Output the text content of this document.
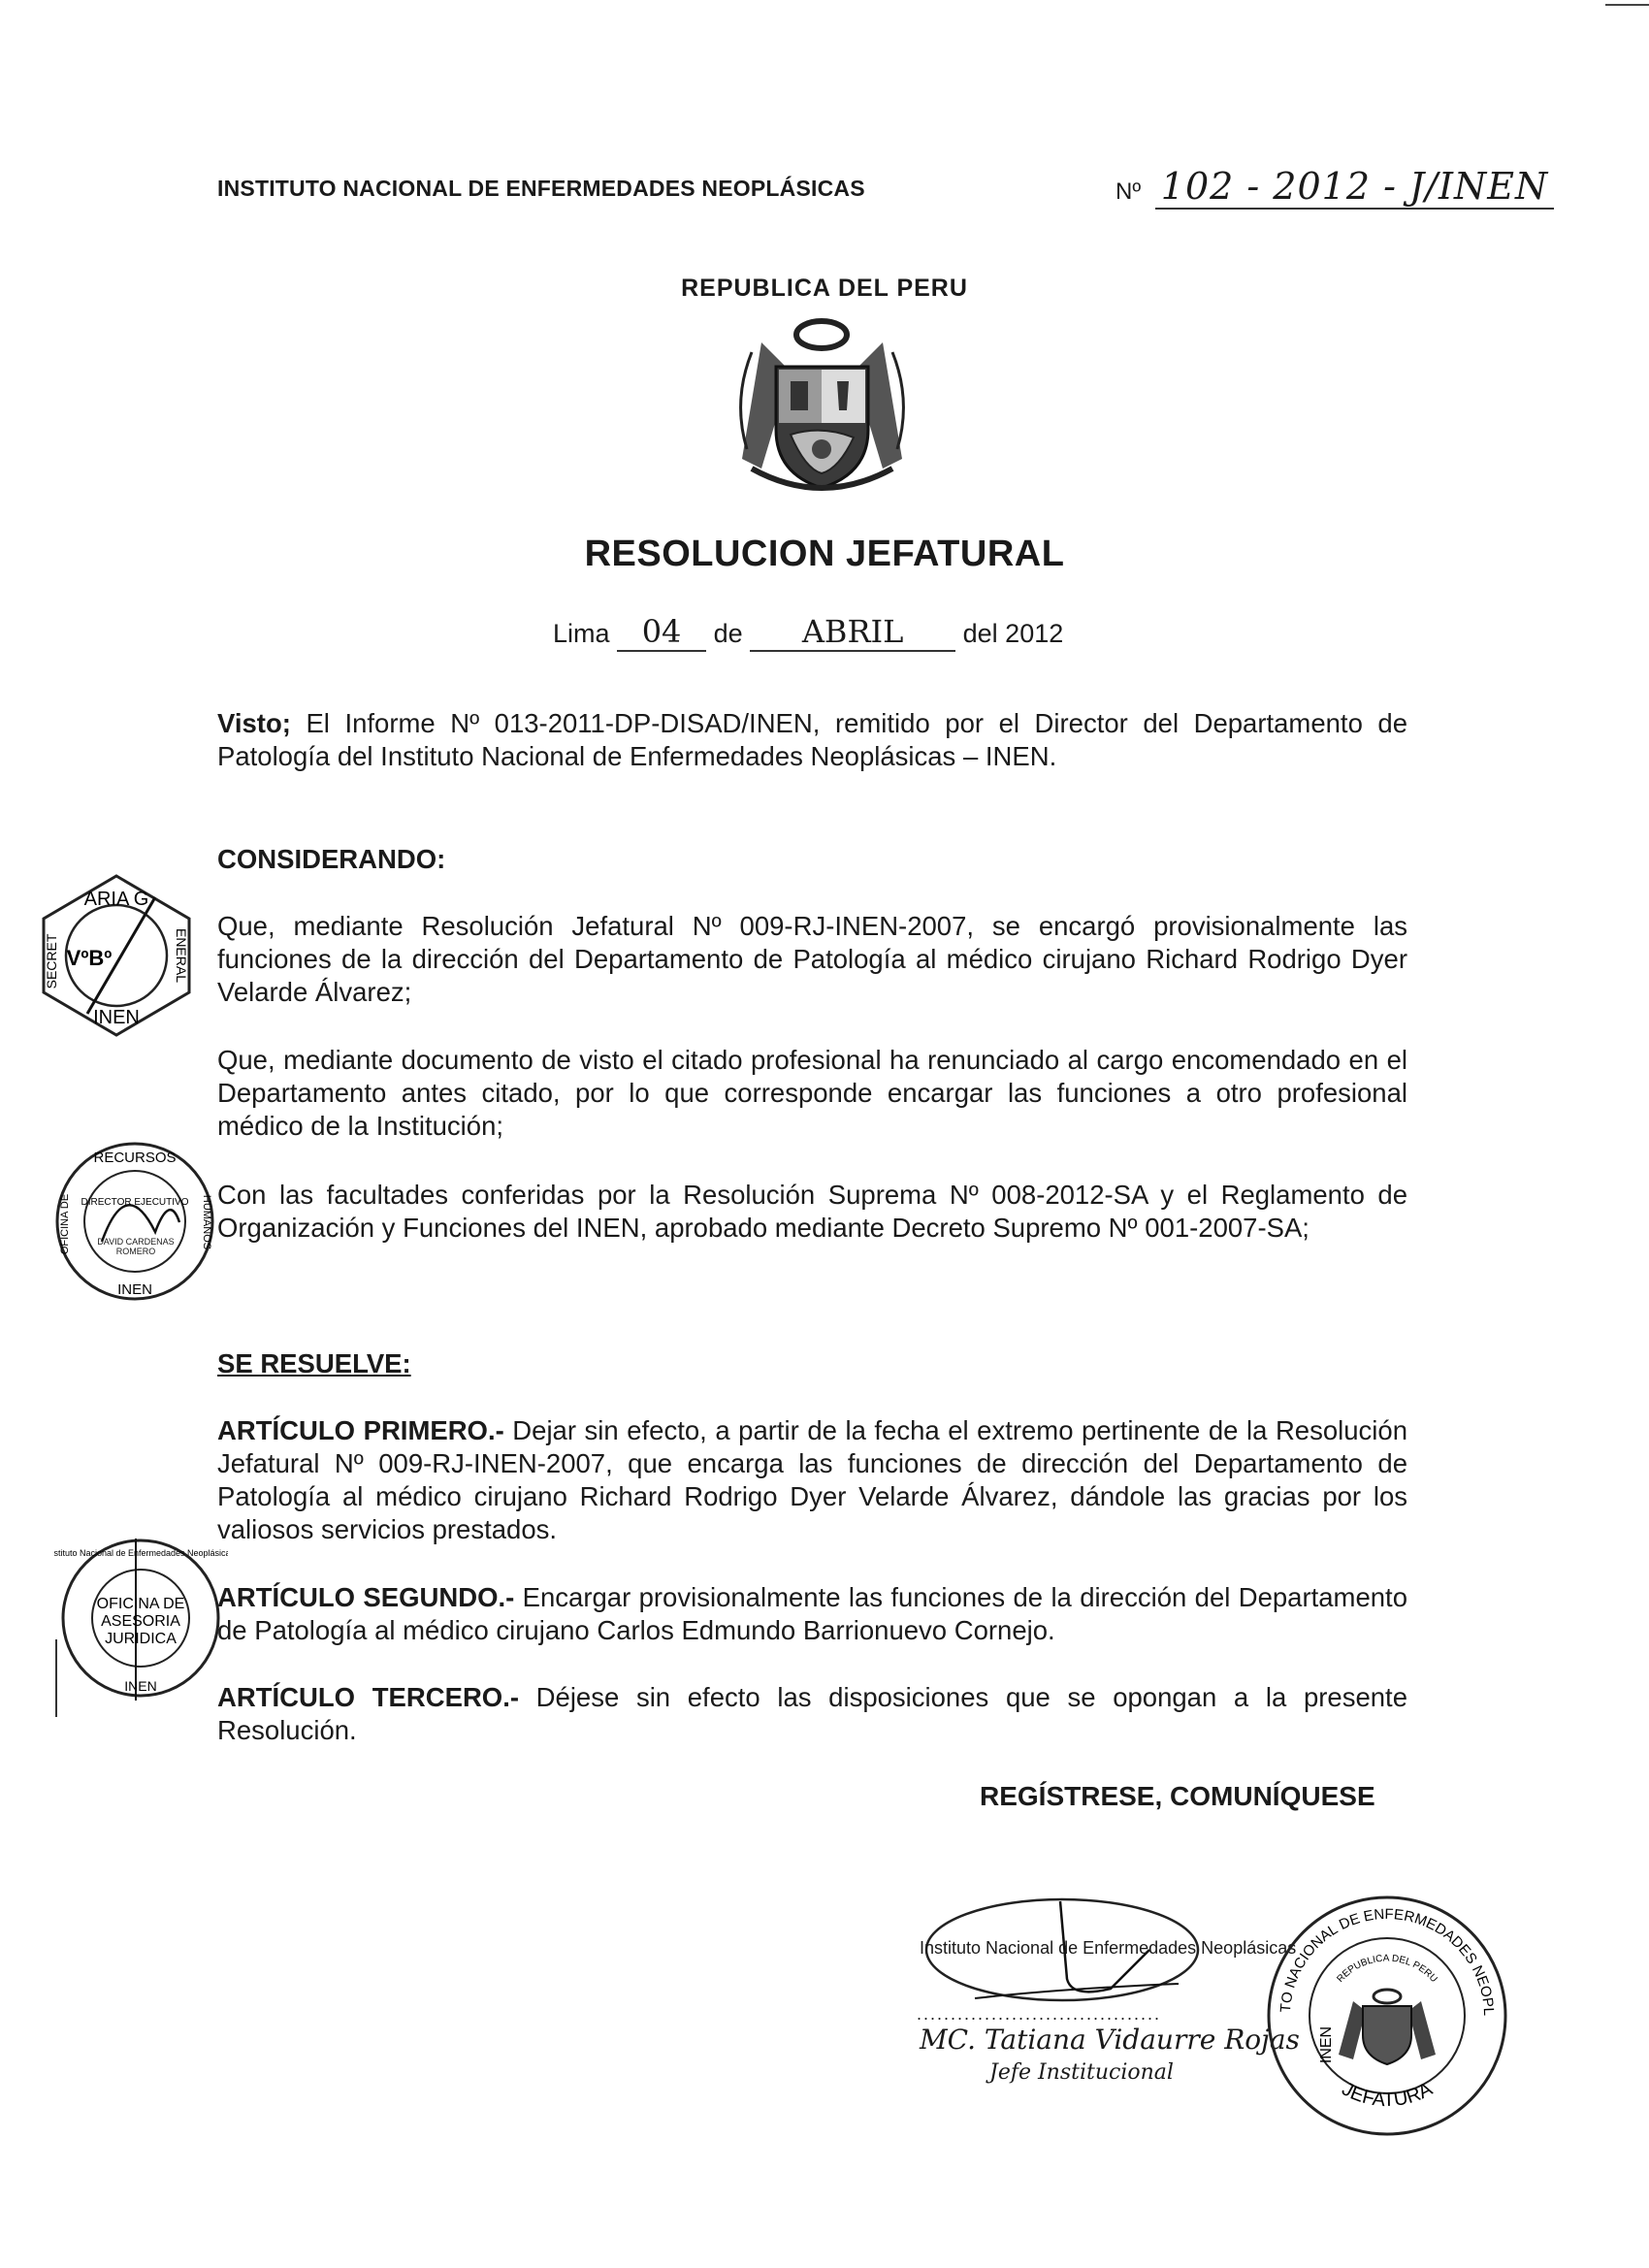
INSTITUTO NACIONAL DE ENFERMEDADES NEOPLÁSICAS	Nº 102 - 2012 - J/INEN
REPUBLICA DEL PERU
RESOLUCION JEFATURAL
Lima 04 de ABRIL del 2012
Visto; El Informe Nº 013-2011-DP-DISAD/INEN, remitido por el Director del Departamento de Patología del Instituto Nacional de Enfermedades Neoplásicas – INEN.
CONSIDERANDO:
Que, mediante Resolución Jefatural Nº 009-RJ-INEN-2007, se encargó provisionalmente las funciones de la dirección del Departamento de Patología al médico cirujano Richard Rodrigo Dyer Velarde Álvarez;
Que, mediante documento de visto el citado profesional ha renunciado al cargo encomendado en el Departamento antes citado, por lo que corresponde encargar las funciones a otro profesional médico de la Institución;
Con las facultades conferidas por la Resolución Suprema Nº 008-2012-SA y el Reglamento de Organización y Funciones del INEN, aprobado mediante Decreto Supremo Nº 001-2007-SA;
SE RESUELVE:
ARTÍCULO PRIMERO.- Dejar sin efecto, a partir de la fecha el extremo pertinente de la Resolución Jefatural Nº 009-RJ-INEN-2007, que encarga las funciones de dirección del Departamento de Patología al médico cirujano Richard Rodrigo Dyer Velarde Álvarez, dándole las gracias por los valiosos servicios prestados.
ARTÍCULO SEGUNDO.- Encargar provisionalmente las funciones de la dirección del Departamento de Patología al médico cirujano Carlos Edmundo Barrionuevo Cornejo.
ARTÍCULO TERCERO.- Déjese sin efecto las disposiciones que se opongan a la presente Resolución.
REGÍSTRESE, COMUNÍQUESE
ARIA G
VºBº
INEN
SECRET	ENERAL
RECURSOS
DIRECTOR EJECUTIVO
DAVID CARDENAS ROMERO
INEN
OFICINA DE	HUMANOS
Instituto Nacional de Enfermedades Neoplásicas
OFICINA DE
ASESORIA
JURIDICA
INEN
Instituto Nacional de Enfermedades Neoplásicas
....................................
MC. Tatiana Vidaurre Rojas
Jefe Institucional
TO NACIONAL DE ENFERMEDADES NEOPL
JEFATURA
REPUBLICA DEL PERU
INEN
